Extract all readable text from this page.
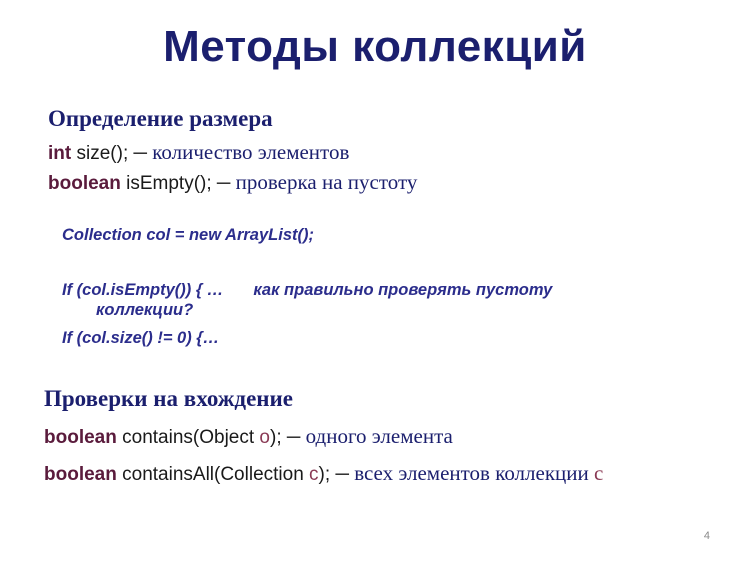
Методы коллекций
Определение размера
int size(); ─ количество элементов
boolean isEmpty(); ─ проверка на пустоту
Collection col = new ArrayList();
If (col.isEmpty()) { … как правильно проверять пустоту
коллекции?
If (col.size() != 0) {…
Проверки на вхождение
boolean contains(Object o); ─ одного элемента
boolean containsAll(Collection c); ─ всех элементов коллекции c
4
